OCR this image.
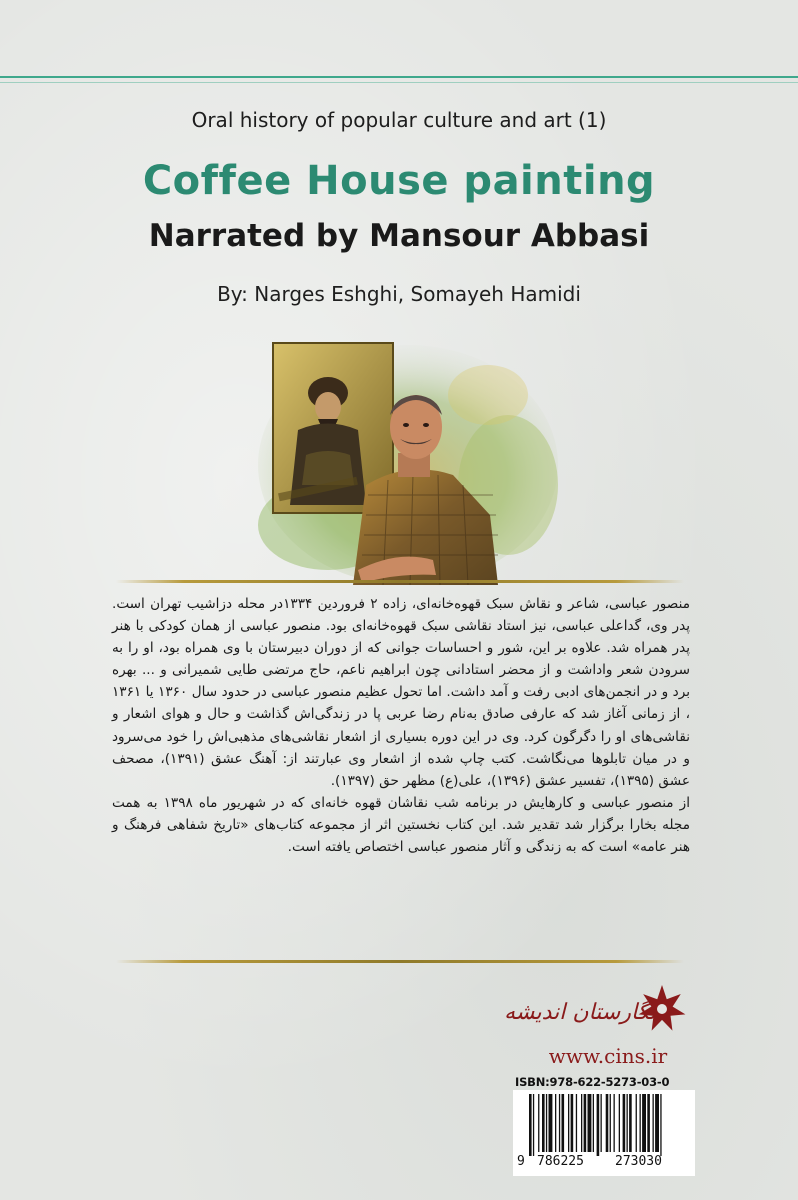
Oral history of popular culture and art (1)
Coffee House painting
Narrated by Mansour Abbasi
By: Narges Eshghi, Somayeh Hamidi

منصور عباسی، شاعر و نقاش سبک قهوه‌خانه‌ای، زاده ۲ فروردین ۱۳۳۴در محله دزاشیب تهران است. پدر وی، گداعلی عباسی، نیز استاد نقاشی سبک قهوه‌خانه‌ای بود. منصور عباسی از همان کودکی با هنر پدر همراه شد. علاوه بر این، شور و احساسات جوانی که از دوران دبیرستان با وی همراه بود، او را به سرودن شعر واداشت و از محضر استادانی چون ابراهیم ناعم، حاج مرتضی طایی شمیرانی و ... بهره برد و در انجمن‌های ادبی رفت و آمد داشت. اما تحول عظیم منصور عباسی در حدود سال ۱۳۶۰ یا ۱۳۶۱ ، از زمانی آغاز شد که عارفی صادق به‌نام رضا عربی پا در زندگی‌اش گذاشت و حال و هوای اشعار و نقاشی‌های او را دگرگون کرد. وی در این دوره بسیاری از اشعار نقاشی‌های مذهبی‌اش را خود می‌سرود و در میان تابلوها می‌نگاشت. کتب چاپ شده از اشعار وی عبارتند از: آهنگ عشق (۱۳۹۱)، مصحف عشق (۱۳۹۵)، تفسیر عشق (۱۳۹۶)، علی(ع) مظهر حق (۱۳۹۷).

از منصور عباسی و کارهایش در برنامه شب نقاشان قهوه خانه‌ای که در شهریور ماه ۱۳۹۸ به همت مجله بخارا برگزار شد تقدیر شد. این کتاب نخستین اثر از مجموعه کتاب‌های «تاریخ شفاهی فرهنگ و هنر عامه» است که به زندگی و آثار منصور عباسی اختصاص یافته است.

نگارستان اندیشه
www.cins.ir
ISBN:978-622-5273-03-0
9 786225 273030
